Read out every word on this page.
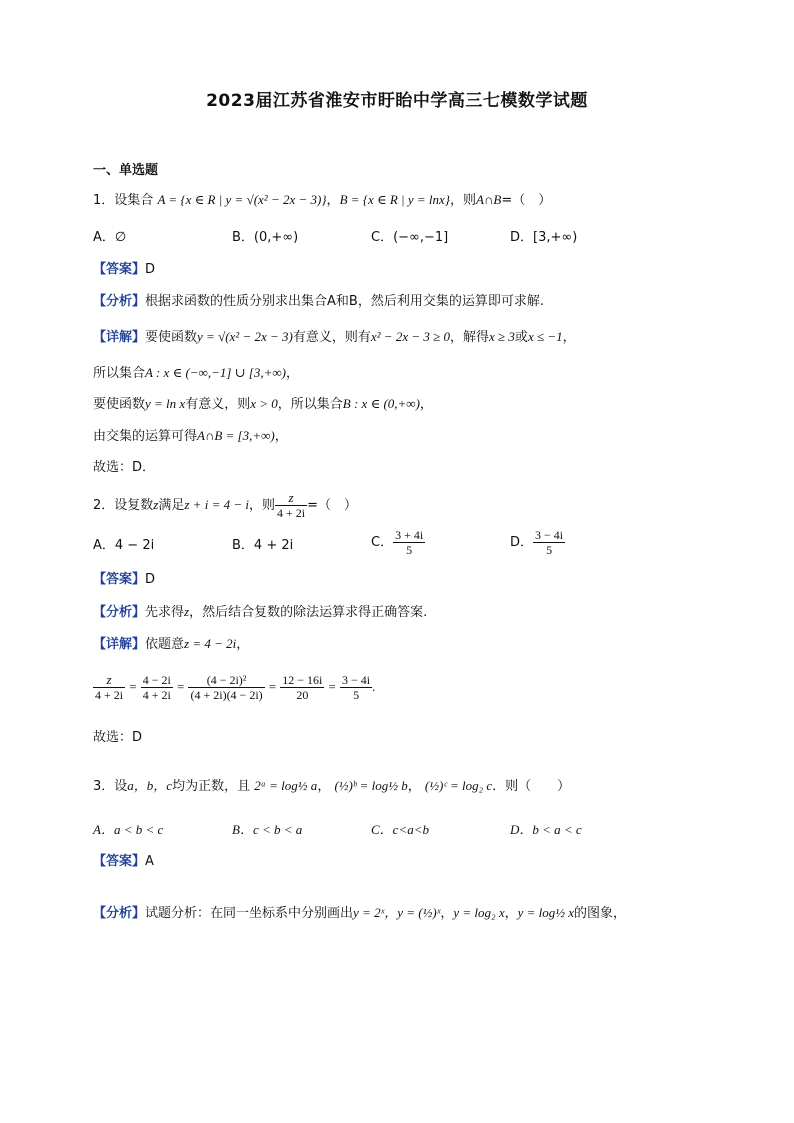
2023届江苏省淮安市盱眙中学高三七模数学试题
一、单选题
1．设集合 A = {x ∈ R | y = √(x² − 2x − 3)}，B = {x ∈ R | y = lnx}，则A∩B=（　）
A．∅	B．(0,+∞)	C．(−∞,−1]	D．[3,+∞)
【答案】D
【分析】根据求函数的性质分别求出集合A和B，然后利用交集的运算即可求解.
【详解】要使函数y = √(x² − 2x − 3)有意义，则有x² − 2x − 3 ≥ 0，解得x ≥ 3或x ≤ −1，
所以集合A : x ∈ (−∞,−1] ∪ [3,+∞)，
要使函数y = ln x有意义，则x > 0，所以集合B : x ∈ (0,+∞)，
由交集的运算可得A∩B = [3,+∞)，
故选：D．
2．设复数z满足z + i = 4 − i，则 $\frac{z}{4 + 2i}$ =（　）
A．4 − 2i	B．4 + 2i	C． $\frac{3 + 4i}{5}$	D． $\frac{3 - 4i}{5}$
【答案】D
【分析】先求得z，然后结合复数的除法运算求得正确答案.
【详解】依题意z = 4 − 2i，
$\frac{z}{4 + 2i} = \frac{4 - 2i}{4 + 2i} = \frac{\text{(4 − 2i)²}}{(4 + 2i)(4 - 2i)} = \frac{12 - 16i}{20} = \frac{3 - 4i}{5}$ .
故选：D
3．设a，b，c均为正数，且 2ᵃ = log½ a， (½)ᵇ = log½ b， (½)ᶜ = log₂ c．则（　　）
A．a < b < c	B．c < b < a	C．c<a<b	D．b < a < c
【答案】A
【分析】试题分析：在同一坐标系中分别画出y = 2ˣ，y = (½)ˣ，y = log₂ x，y = log½ x的图象，
